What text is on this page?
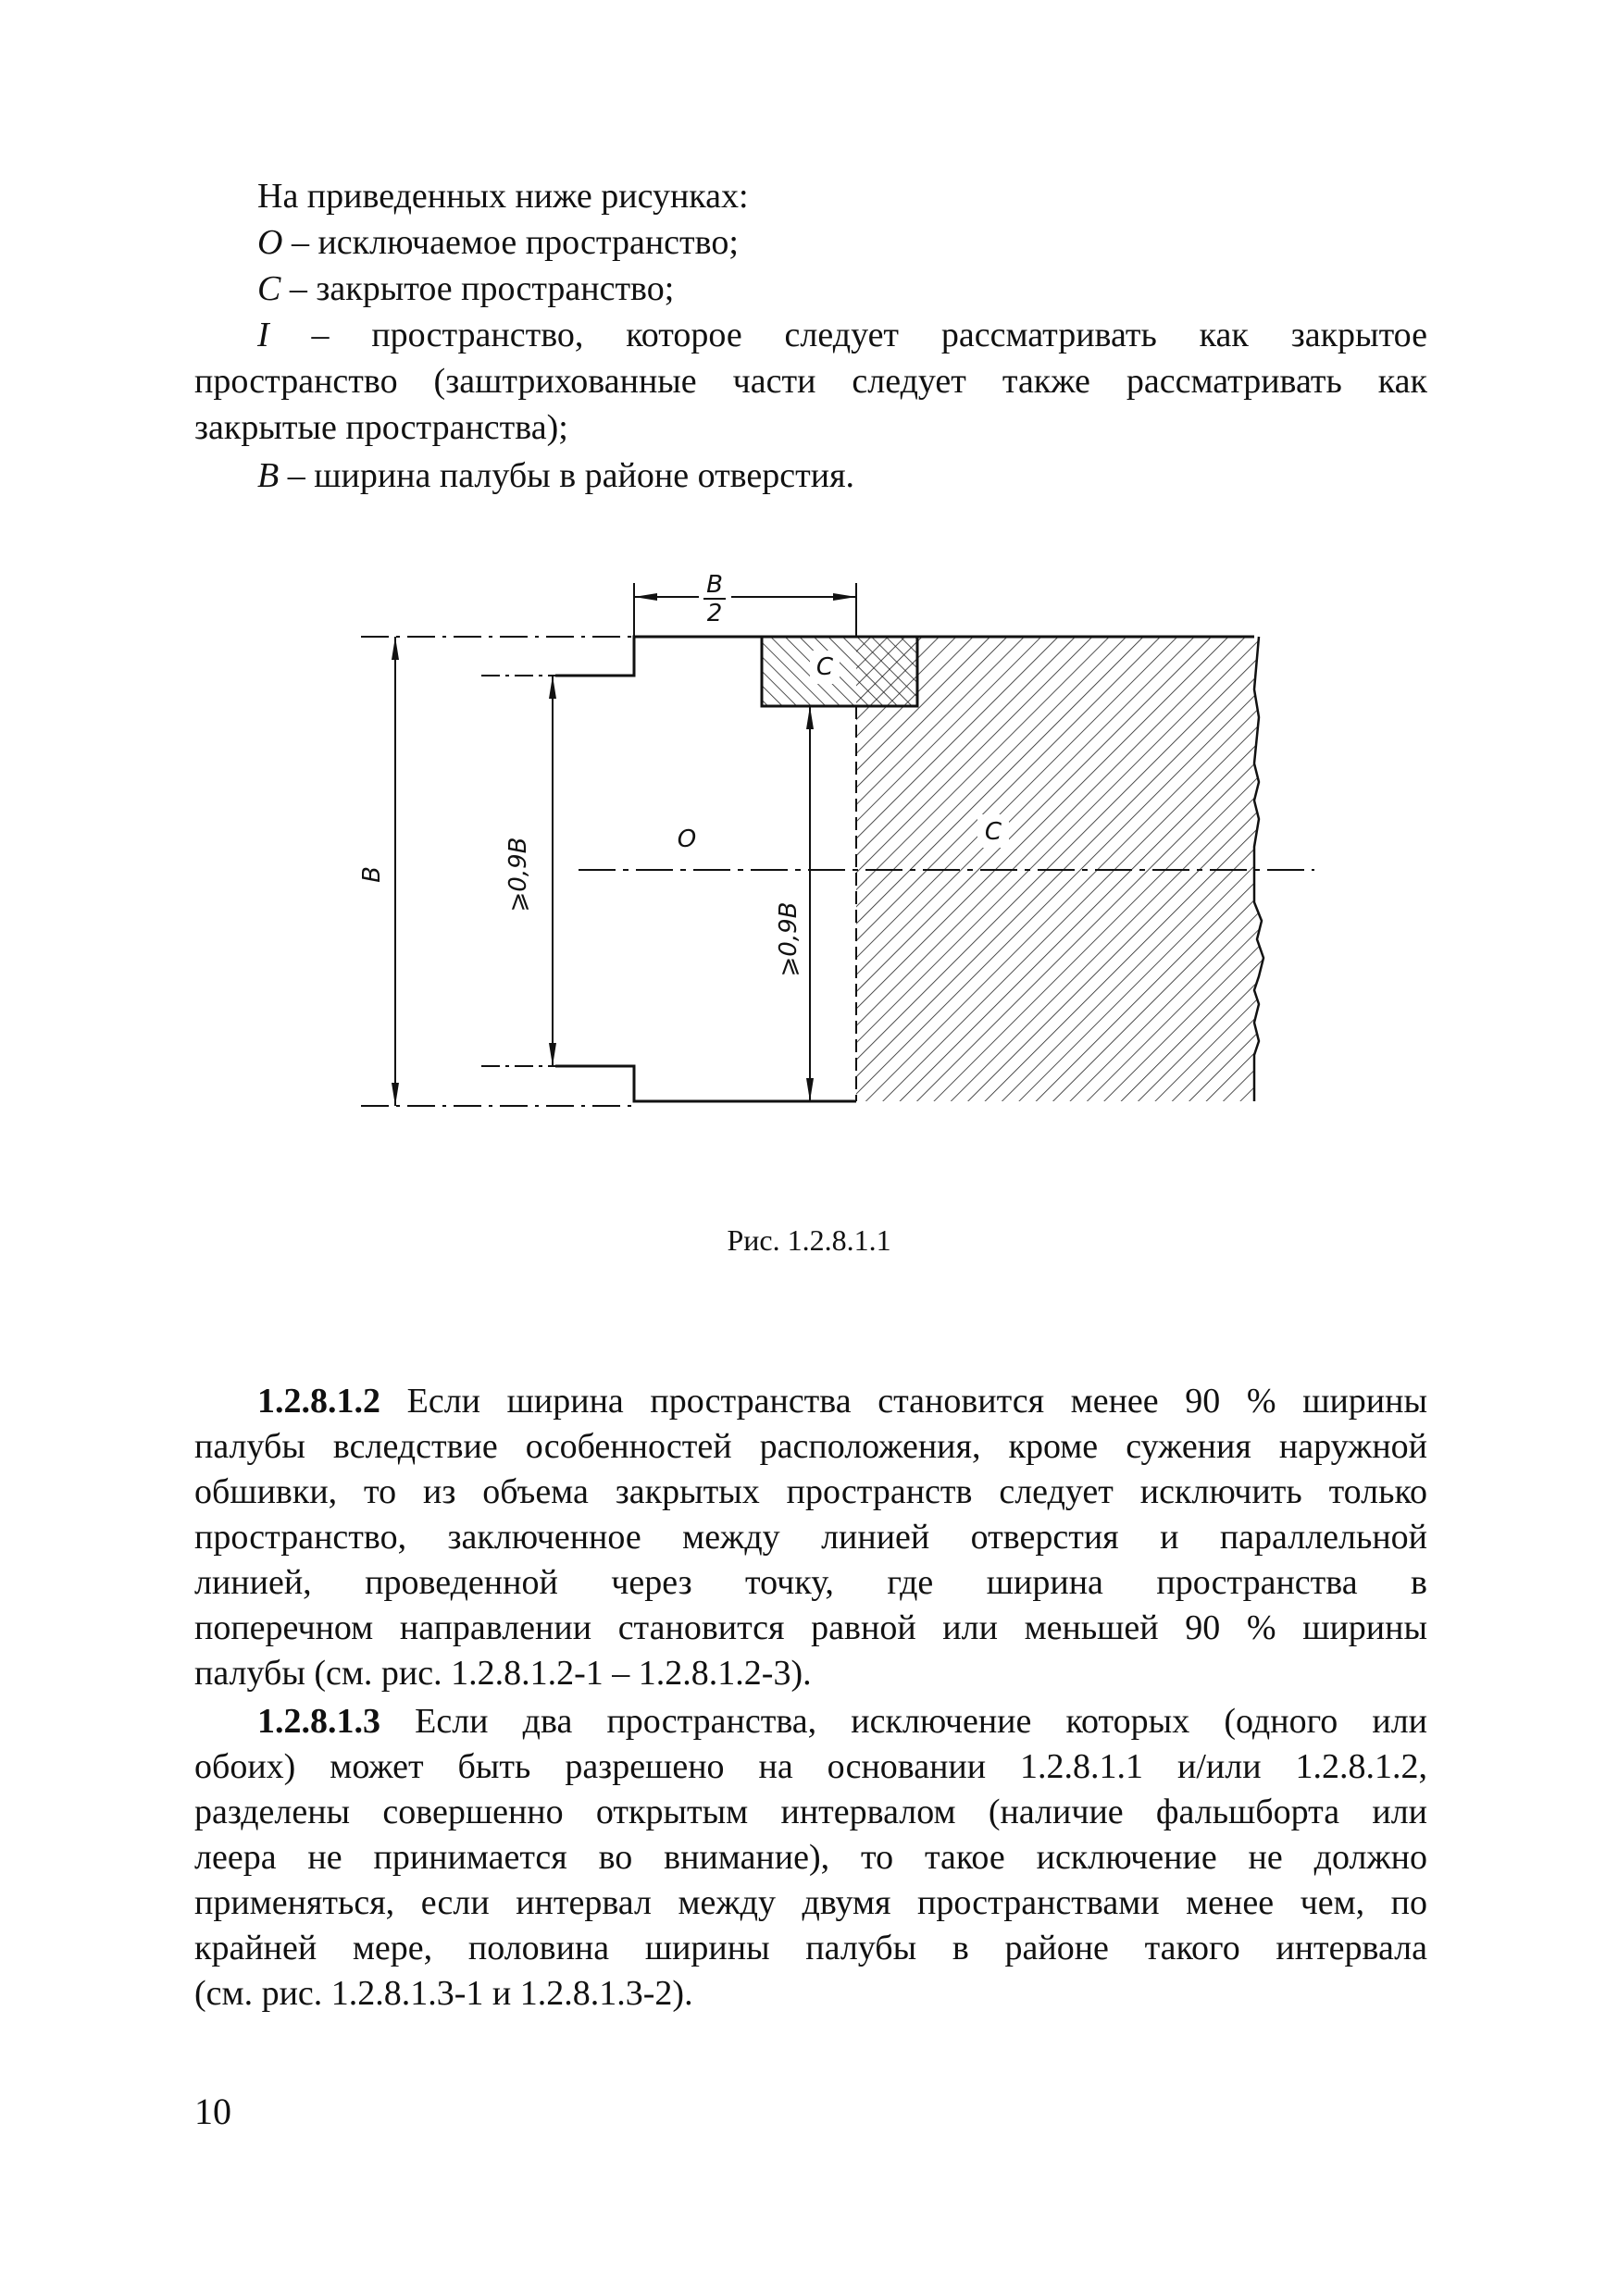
На приведенных ниже рисунках:
O – исключаемое пространство;
C – закрытое пространство;
I – пространство, которое следует рассматривать как закрытое
пространство (заштрихованные части следует также рассматривать как
закрытые пространства);
B – ширина палубы в районе отверстия.
B
2
B	⩾0,9B
⩾0,9B
C
C
O
Рис. 1.2.8.1.1
1.2.8.1.2 Если ширина пространства становится менее 90 % ширины
палубы вследствие особенностей расположения, кроме сужения наружной
обшивки, то из объема закрытых пространств следует исключить только
пространство, заключенное между линией отверстия и параллельной
линией, проведенной через точку, где ширина пространства в
поперечном направлении становится равной или меньшей 90 % ширины
палубы (см. рис. 1.2.8.1.2-1 – 1.2.8.1.2-3).
1.2.8.1.3 Если два пространства, исключение которых (одного или
обоих) может быть разрешено на основании 1.2.8.1.1 и/или 1.2.8.1.2,
разделены совершенно открытым интервалом (наличие фальшборта или
леера не принимается во внимание), то такое исключение не должно
применяться, если интервал между двумя пространствами менее чем, по
крайней мере, половина ширины палубы в районе такого интервала
(см. рис. 1.2.8.1.3-1 и 1.2.8.1.3-2).
10
